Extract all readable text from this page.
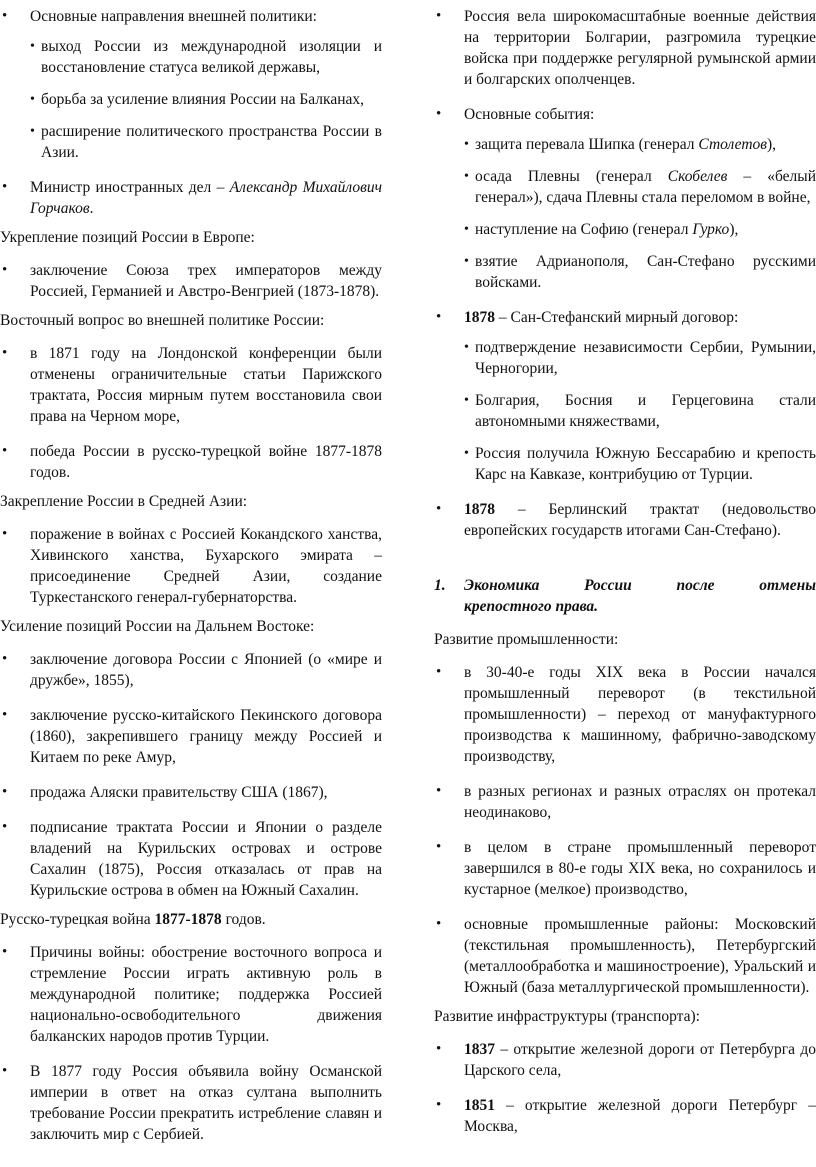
• Основные направления внешней политики:
• выход России из международной изоляции и восстановление статуса великой державы,
• борьба за усиление влияния России на Балканах,
• расширение политического пространства России в Азии.
• Министр иностранных дел – Александр Михайлович Горчаков.

Укрепление позиций России в Европе:

• заключение Союза трех императоров между Россией, Германией и Австро-Венгрией (1873-1878).

Восточный вопрос во внешней политике России:

• в 1871 году на Лондонской конференции были отменены ограничительные статьи Парижского трактата, Россия мирным путем восстановила свои права на Черном море,
• победа России в русско-турецкой войне 1877-1878 годов.

Закрепление России в Средней Азии:

• поражение в войнах с Россией Кокандского ханства, Хивинского ханства, Бухарского эмирата – присоединение Средней Азии, создание Туркестанского генерал-губернаторства.

Усиление позиций России на Дальнем Востоке:

• заключение договора России с Японией (о «мире и дружбе», 1855),
• заключение русско-китайского Пекинского договора (1860), закрепившего границу между Россией и Китаем по реке Амур,
• продажа Аляски правительству США (1867),
• подписание трактата России и Японии о разделе владений на Курильских островах и острове Сахалин (1875), Россия отказалась от прав на Курильские острова в обмен на Южный Сахалин.

Русско-турецкая война 1877-1878 годов.

• Причины войны: обострение восточного вопроса и стремление России играть активную роль в международной политике; поддержка Россией национально-освободительного движения балканских народов против Турции.
• В 1877 году Россия объявила войну Османской империи в ответ на отказ султана выполнить требование России прекратить истребление славян и заключить мир с Сербией.
• Россия вела широкомасштабные военные действия на территории Болгарии, разгромила турецкие войска при поддержке регулярной румынской армии и болгарских ополченцев.
• Основные события:
• защита перевала Шипка (генерал Столетов),
• осада Плевны (генерал Скобелев – «белый генерал»), сдача Плевны стала переломом в войне,
• наступление на Софию (генерал Гурко),
• взятие Адрианополя, Сан-Стефано русскими войсками.
• 1878 – Сан-Стефанский мирный договор:
• подтверждение независимости Сербии, Румынии, Черногории,
• Болгария, Босния и Герцеговина стали автономными княжествами,
• Россия получила Южную Бессарабию и крепость Карс на Кавказе, контрибуцию от Турции.
• 1878 – Берлинский трактат (недовольство европейских государств итогами Сан-Стефано).
1.	Экономика	России	после	отмены
крепостного права.

Развитие промышленности:

• в 30-40-е годы XIX века в России начался промышленный переворот (в текстильной промышленности) – переход от мануфактурного производства к машинному, фабрично-заводскому производству,
• в разных регионах и разных отраслях он протекал неодинаково,
• в целом в стране промышленный переворот завершился в 80-е годы XIX века, но сохранилось и кустарное (мелкое) производство,
• основные промышленные районы: Московский (текстильная промышленность), Петербургский (металлообработка и машиностроение), Уральский и Южный (база металлургической промышленности).

Развитие инфраструктуры (транспорта):

• 1837 – открытие железной дороги от Петербурга до Царского села,
• 1851 – открытие железной дороги Петербург – Москва,
